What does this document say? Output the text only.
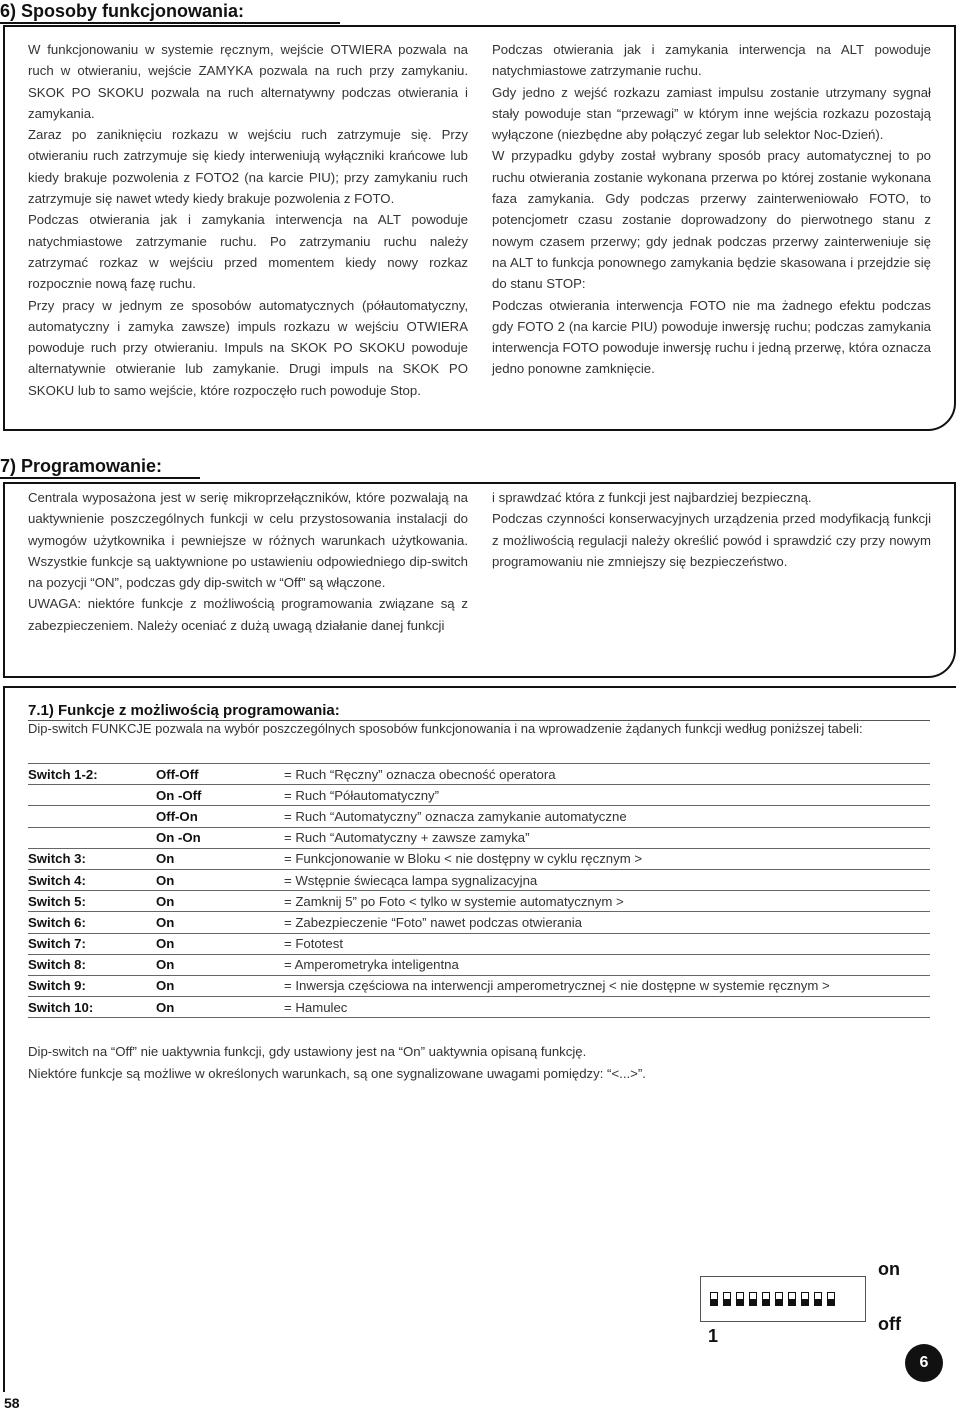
6) Sposoby funkcjonowania:

W funkcjonowaniu w systemie ręcznym, wejście OTWIERA pozwala na ruch w otwieraniu, wejście ZAMYKA pozwala na ruch przy zamykaniu. SKOK PO SKOKU pozwala na ruch alternatywny podczas otwierania i zamykania.

Zaraz po zaniknięciu rozkazu w wejściu ruch zatrzymuje się. Przy otwieraniu ruch zatrzymuje się kiedy interweniują wyłączniki krańcowe lub kiedy brakuje pozwolenia z FOTO2 (na karcie PIU); przy zamykaniu ruch zatrzymuje się nawet wtedy kiedy brakuje pozwolenia z FOTO.

Podczas otwierania jak i zamykania interwencja na ALT powoduje natychmiastowe zatrzymanie ruchu. Po zatrzymaniu ruchu należy zatrzymać rozkaz w wejściu przed momentem kiedy nowy rozkaz rozpocznie nową fazę ruchu.

Przy pracy w jednym ze sposobów automatycznych (półautomatyczny, automatyczny i zamyka zawsze) impuls rozkazu w wejściu OTWIERA powoduje ruch przy otwieraniu. Impuls na SKOK PO SKOKU powoduje alternatywnie otwieranie lub zamykanie. Drugi impuls na SKOK PO SKOKU lub to samo wejście, które rozpoczęło ruch powoduje Stop.

Podczas otwierania jak i zamykania interwencja na ALT powoduje natychmiastowe zatrzymanie ruchu.

Gdy jedno z wejść rozkazu zamiast impulsu zostanie utrzymany sygnał stały powoduje stan “przewagi” w którym inne wejścia rozkazu pozostają wyłączone (niezbędne aby połączyć zegar lub selektor Noc-Dzień).

W przypadku gdyby został wybrany sposób pracy automatycznej to po ruchu otwierania zostanie wykonana przerwa po której zostanie wykonana faza zamykania. Gdy podczas przerwy zainterweniowało FOTO, to potencjometr czasu zostanie doprowadzony do pierwotnego stanu z nowym czasem przerwy; gdy jednak podczas przerwy zainterweniuje się na ALT to funkcja ponownego zamykania będzie skasowana i przejdzie się do stanu STOP:

Podczas otwierania interwencja FOTO nie ma żadnego efektu podczas gdy FOTO 2 (na karcie PIU) powoduje inwersję ruchu; podczas zamykania interwencja FOTO powoduje inwersję ruchu i jedną przerwę, która oznacza jedno ponowne zamknięcie.

7) Programowanie:

Centrala wyposażona jest w serię mikroprzełączników, które pozwalają na uaktywnienie poszczególnych funkcji w celu przystosowania instalacji do wymogów użytkownika i pewniejsze w różnych warunkach użytkowania. Wszystkie funkcje są uaktywnione po ustawieniu odpowiedniego dip-switch na pozycji “ON”, podczas gdy dip-switch w “Off” są włączone.

UWAGA: niektóre funkcje z możliwością programowania związane są z zabezpieczeniem. Należy oceniać z dużą uwagą działanie danej funkcji

i sprawdzać która z funkcji jest najbardziej bezpieczną.

Podczas czynności konserwacyjnych urządzenia przed modyfikacją funkcji z możliwością regulacji należy określić powód i sprawdzić czy przy nowym programowaniu nie zmniejszy się bezpieczeństwo.

7.1) Funkcje z możliwością programowania:
Dip-switch FUNKCJE pozwala na wybór poszczególnych sposobów funkcjonowania i na wprowadzenie żądanych funkcji według poniższej tabeli:
Switch 1-2:	Off-Off	= Ruch “Ręczny” oznacza obecność operatora
	On -Off	= Ruch “Półautomatyczny”
	Off-On	= Ruch “Automatyczny” oznacza zamykanie automatyczne
	On -On	= Ruch “Automatyczny + zawsze zamyka”
Switch 3:	On	= Funkcjonowanie w Bloku < nie dostępny w cyklu ręcznym >
Switch 4:	On	= Wstępnie świecąca lampa sygnalizacyjna
Switch 5:	On	= Zamknij 5” po Foto < tylko w systemie automatycznym >
Switch 6:	On	= Zabezpieczenie “Foto” nawet podczas otwierania
Switch 7:	On	= Fototest
Switch 8:	On	= Amperometryka inteligentna
Switch 9:	On	= Inwersja częściowa na interwencji amperometrycznej < nie dostępne w systemie ręcznym >
Switch 10:	On	= Hamulec

Dip-switch na “Off” nie uaktywnia funkcji, gdy ustawiony jest na “On” uaktywnia opisaną funkcję.

Niektóre funkcje są możliwe w określonych warunkach, są one sygnalizowane uwagami pomiędzy: “<...>”.

on
off
1
6
58
